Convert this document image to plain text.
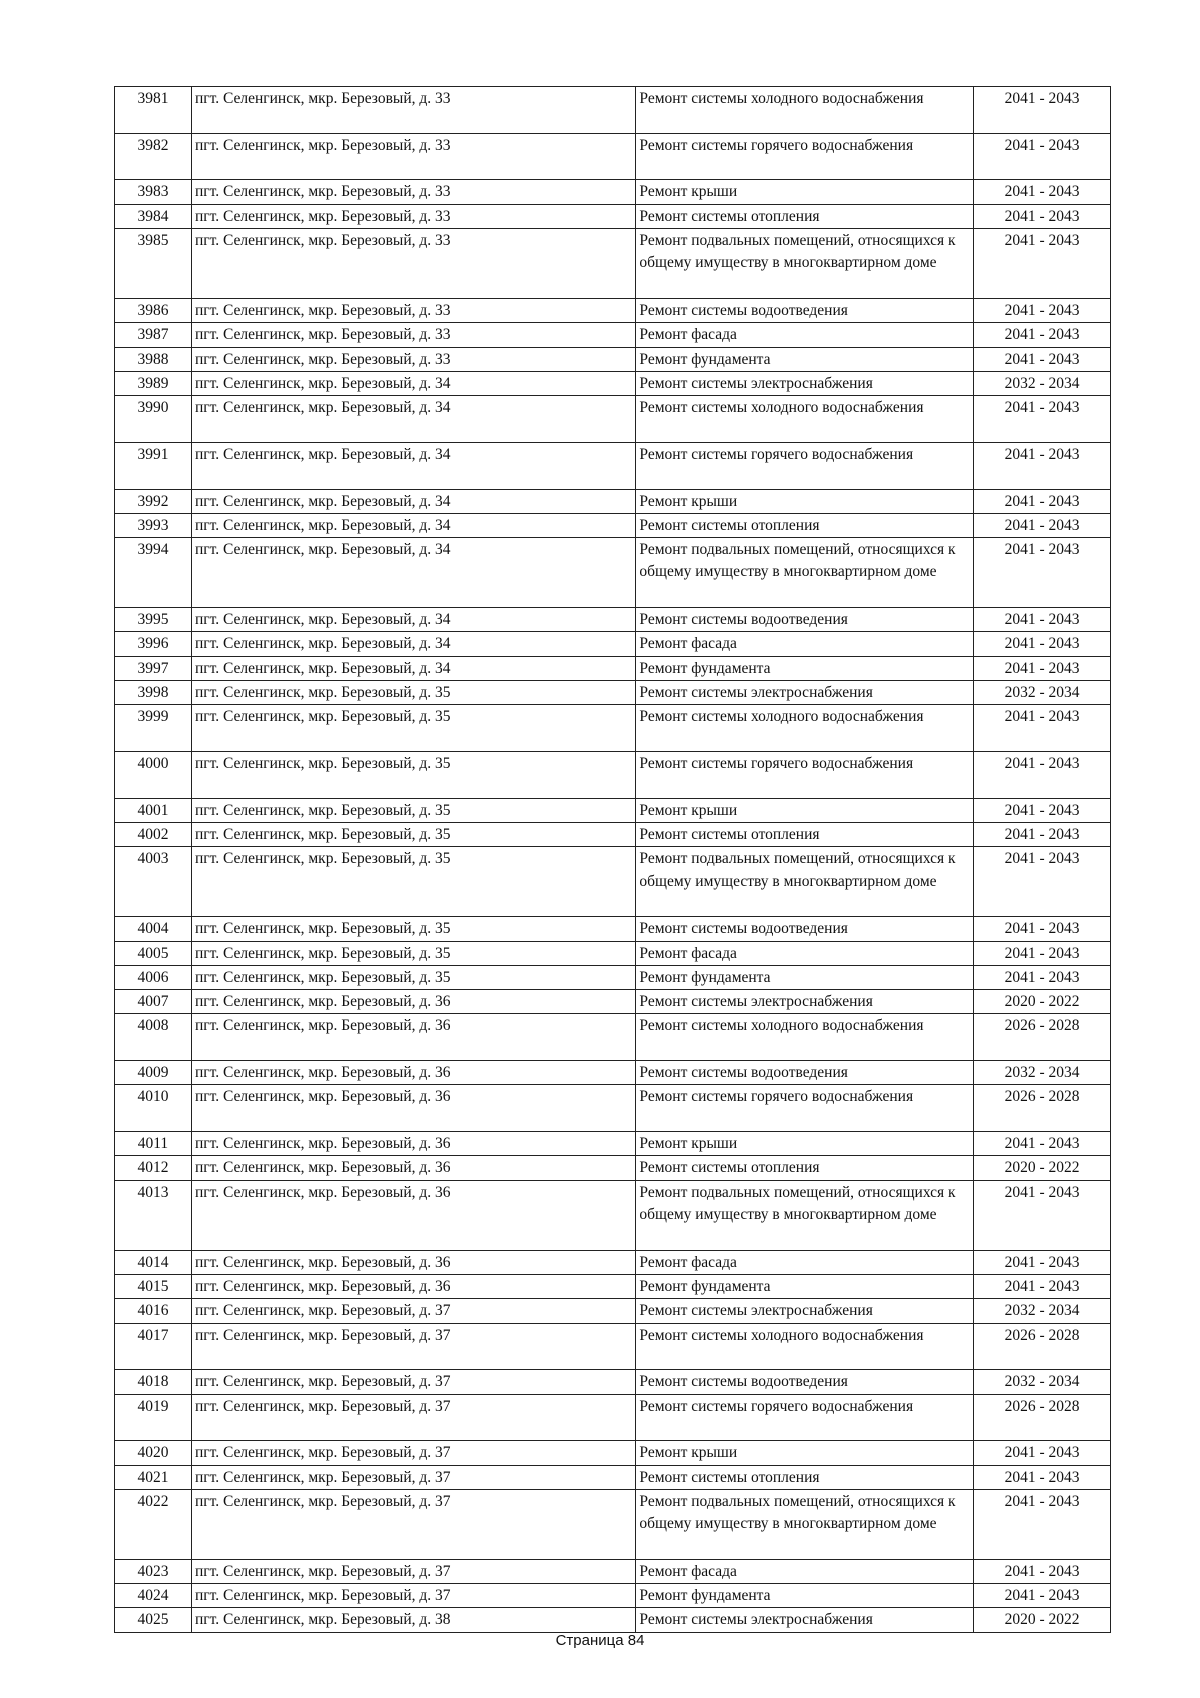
3981	пгт. Селенгинск, мкр. Березовый, д. 33	Ремонт системы холодного водоснабжения	2041 - 2043
3982	пгт. Селенгинск, мкр. Березовый, д. 33	Ремонт системы горячего водоснабжения	2041 - 2043
3983	пгт. Селенгинск, мкр. Березовый, д. 33	Ремонт крыши	2041 - 2043
3984	пгт. Селенгинск, мкр. Березовый, д. 33	Ремонт системы отопления	2041 - 2043
3985	пгт. Селенгинск, мкр. Березовый, д. 33	Ремонт подвальных помещений, относящихся к общему имуществу в многоквартирном доме	2041 - 2043
3986	пгт. Селенгинск, мкр. Березовый, д. 33	Ремонт системы водоотведения	2041 - 2043
3987	пгт. Селенгинск, мкр. Березовый, д. 33	Ремонт фасада	2041 - 2043
3988	пгт. Селенгинск, мкр. Березовый, д. 33	Ремонт фундамента	2041 - 2043
3989	пгт. Селенгинск, мкр. Березовый, д. 34	Ремонт системы электроснабжения	2032 - 2034
3990	пгт. Селенгинск, мкр. Березовый, д. 34	Ремонт системы холодного водоснабжения	2041 - 2043
3991	пгт. Селенгинск, мкр. Березовый, д. 34	Ремонт системы горячего водоснабжения	2041 - 2043
3992	пгт. Селенгинск, мкр. Березовый, д. 34	Ремонт крыши	2041 - 2043
3993	пгт. Селенгинск, мкр. Березовый, д. 34	Ремонт системы отопления	2041 - 2043
3994	пгт. Селенгинск, мкр. Березовый, д. 34	Ремонт подвальных помещений, относящихся к общему имуществу в многоквартирном доме	2041 - 2043
3995	пгт. Селенгинск, мкр. Березовый, д. 34	Ремонт системы водоотведения	2041 - 2043
3996	пгт. Селенгинск, мкр. Березовый, д. 34	Ремонт фасада	2041 - 2043
3997	пгт. Селенгинск, мкр. Березовый, д. 34	Ремонт фундамента	2041 - 2043
3998	пгт. Селенгинск, мкр. Березовый, д. 35	Ремонт системы электроснабжения	2032 - 2034
3999	пгт. Селенгинск, мкр. Березовый, д. 35	Ремонт системы холодного водоснабжения	2041 - 2043
4000	пгт. Селенгинск, мкр. Березовый, д. 35	Ремонт системы горячего водоснабжения	2041 - 2043
4001	пгт. Селенгинск, мкр. Березовый, д. 35	Ремонт крыши	2041 - 2043
4002	пгт. Селенгинск, мкр. Березовый, д. 35	Ремонт системы отопления	2041 - 2043
4003	пгт. Селенгинск, мкр. Березовый, д. 35	Ремонт подвальных помещений, относящихся к общему имуществу в многоквартирном доме	2041 - 2043
4004	пгт. Селенгинск, мкр. Березовый, д. 35	Ремонт системы водоотведения	2041 - 2043
4005	пгт. Селенгинск, мкр. Березовый, д. 35	Ремонт фасада	2041 - 2043
4006	пгт. Селенгинск, мкр. Березовый, д. 35	Ремонт фундамента	2041 - 2043
4007	пгт. Селенгинск, мкр. Березовый, д. 36	Ремонт системы электроснабжения	2020 - 2022
4008	пгт. Селенгинск, мкр. Березовый, д. 36	Ремонт системы холодного водоснабжения	2026 - 2028
4009	пгт. Селенгинск, мкр. Березовый, д. 36	Ремонт системы водоотведения	2032 - 2034
4010	пгт. Селенгинск, мкр. Березовый, д. 36	Ремонт системы горячего водоснабжения	2026 - 2028
4011	пгт. Селенгинск, мкр. Березовый, д. 36	Ремонт крыши	2041 - 2043
4012	пгт. Селенгинск, мкр. Березовый, д. 36	Ремонт системы отопления	2020 - 2022
4013	пгт. Селенгинск, мкр. Березовый, д. 36	Ремонт подвальных помещений, относящихся к общему имуществу в многоквартирном доме	2041 - 2043
4014	пгт. Селенгинск, мкр. Березовый, д. 36	Ремонт фасада	2041 - 2043
4015	пгт. Селенгинск, мкр. Березовый, д. 36	Ремонт фундамента	2041 - 2043
4016	пгт. Селенгинск, мкр. Березовый, д. 37	Ремонт системы электроснабжения	2032 - 2034
4017	пгт. Селенгинск, мкр. Березовый, д. 37	Ремонт системы холодного водоснабжения	2026 - 2028
4018	пгт. Селенгинск, мкр. Березовый, д. 37	Ремонт системы водоотведения	2032 - 2034
4019	пгт. Селенгинск, мкр. Березовый, д. 37	Ремонт системы горячего водоснабжения	2026 - 2028
4020	пгт. Селенгинск, мкр. Березовый, д. 37	Ремонт крыши	2041 - 2043
4021	пгт. Селенгинск, мкр. Березовый, д. 37	Ремонт системы отопления	2041 - 2043
4022	пгт. Селенгинск, мкр. Березовый, д. 37	Ремонт подвальных помещений, относящихся к общему имуществу в многоквартирном доме	2041 - 2043
4023	пгт. Селенгинск, мкр. Березовый, д. 37	Ремонт фасада	2041 - 2043
4024	пгт. Селенгинск, мкр. Березовый, д. 37	Ремонт фундамента	2041 - 2043
4025	пгт. Селенгинск, мкр. Березовый, д. 38	Ремонт системы электроснабжения	2020 - 2022
Страница 84
